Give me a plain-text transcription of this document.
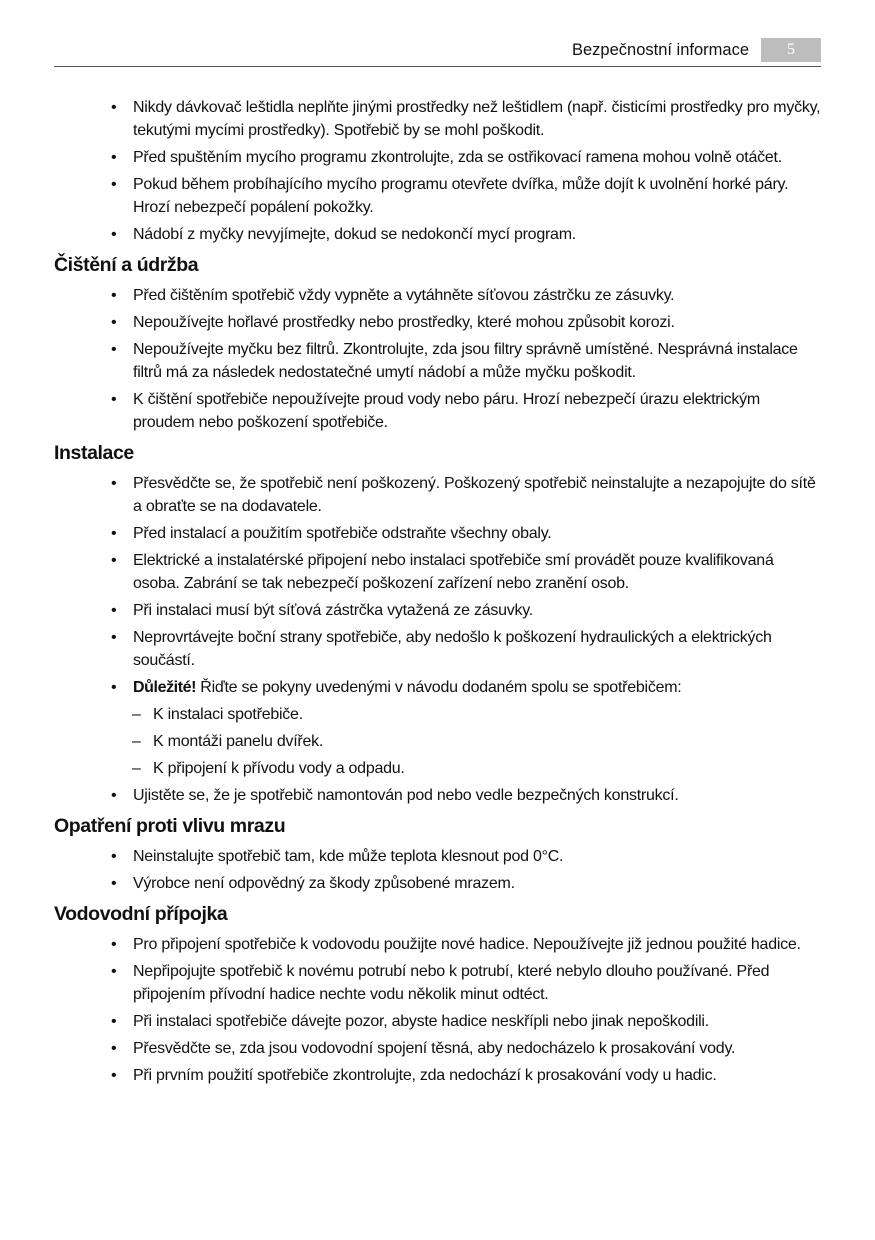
Bezpečnostní informace	5
• Nikdy dávkovač leštidla neplňte jinými prostředky než leštidlem (např. čisticími prostředky pro myčky, tekutými mycími prostředky). Spotřebič by se mohl poškodit.
• Před spuštěním mycího programu zkontrolujte, zda se ostřikovací ramena mohou volně otáčet.
• Pokud během probíhajícího mycího programu otevřete dvířka, může dojít k uvolnění horké páry. Hrozí nebezpečí popálení pokožky.
• Nádobí z myčky nevyjímejte, dokud se nedokončí mycí program.
Čištění a údržba
• Před čištěním spotřebič vždy vypněte a vytáhněte síťovou zástrčku ze zásuvky.
• Nepoužívejte hořlavé prostředky nebo prostředky, které mohou způsobit korozi.
• Nepoužívejte myčku bez filtrů. Zkontrolujte, zda jsou filtry správně umístěné. Nesprávná instalace filtrů má za následek nedostatečné umytí nádobí a může myčku poškodit.
• K čištění spotřebiče nepoužívejte proud vody nebo páru. Hrozí nebezpečí úrazu elektrickým proudem nebo poškození spotřebiče.
Instalace
• Přesvědčte se, že spotřebič není poškozený. Poškozený spotřebič neinstalujte a nezapojujte do sítě a obraťte se na dodavatele.
• Před instalací a použitím spotřebiče odstraňte všechny obaly.
• Elektrické a instalatérské připojení nebo instalaci spotřebiče smí provádět pouze kvalifikovaná osoba. Zabrání se tak nebezpečí poškození zařízení nebo zranění osob.
• Při instalaci musí být síťová zástrčka vytažená ze zásuvky.
• Neprovrtávejte boční strany spotřebiče, aby nedošlo k poškození hydraulických a elektrických součástí.
• Důležité! Řiďte se pokyny uvedenými v návodu dodaném spolu se spotřebičem:
– K instalaci spotřebiče.
– K montáži panelu dvířek.
– K připojení k přívodu vody a odpadu.
• Ujistěte se, že je spotřebič namontován pod nebo vedle bezpečných konstrukcí.
Opatření proti vlivu mrazu
• Neinstalujte spotřebič tam, kde může teplota klesnout pod 0°C.
• Výrobce není odpovědný za škody způsobené mrazem.
Vodovodní přípojka
• Pro připojení spotřebiče k vodovodu použijte nové hadice. Nepoužívejte již jednou použité hadice.
• Nepřipojujte spotřebič k novému potrubí nebo k potrubí, které nebylo dlouho používané. Před připojením přívodní hadice nechte vodu několik minut odtéct.
• Při instalaci spotřebiče dávejte pozor, abyste hadice neskřípli nebo jinak nepoškodili.
• Přesvědčte se, zda jsou vodovodní spojení těsná, aby nedocházelo k prosakování vody.
• Při prvním použití spotřebiče zkontrolujte, zda nedochází k prosakování vody u hadic.
